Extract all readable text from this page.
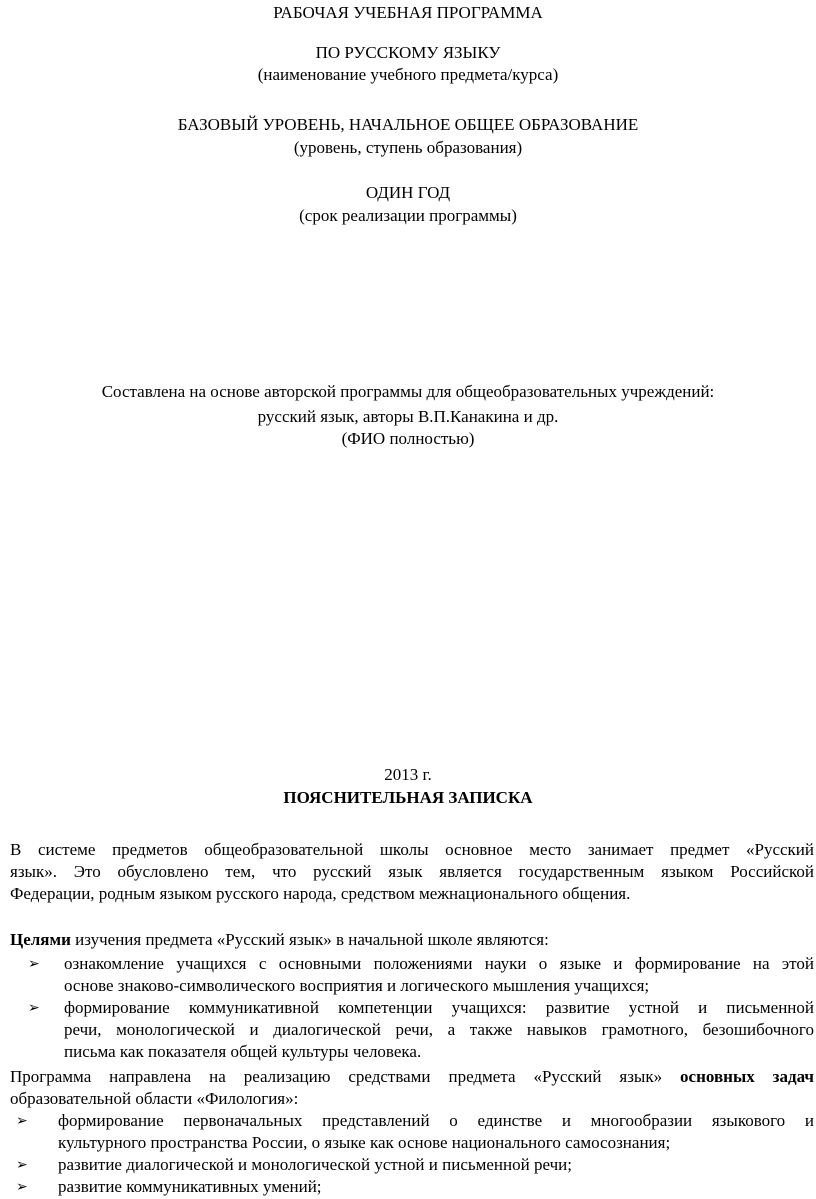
РАБОЧАЯ УЧЕБНАЯ ПРОГРАММА
ПО РУССКОМУ ЯЗЫКУ
(наименование учебного предмета/курса)
БАЗОВЫЙ УРОВЕНЬ, НАЧАЛЬНОЕ ОБЩЕЕ ОБРАЗОВАНИЕ
(уровень, ступень образования)
ОДИН ГОД
(срок реализации программы)
Составлена на основе авторской программы для общеобразовательных учреждений:
русский язык, авторы В.П.Канакина и др.
(ФИО полностью)
2013 г.
ПОЯСНИТЕЛЬНАЯ ЗАПИСКА
В системе предметов общеобразовательной школы основное место занимает предмет «Русский
язык». Это обусловлено тем, что русский язык является государственным языком Российской
Федерации, родным языком русского народа, средством межнационального общения.
Целями изучения предмета «Русский язык» в начальной школе являются:
➢	ознакомление учащихся с основными положениями науки о языке и формирование на этой
основе знаково-символического восприятия и логического мышления учащихся;
➢	формирование коммуникативной компетенции учащихся: развитие устной и письменной
речи, монологической и диалогической речи, а также навыков грамотного, безошибочного
письма как показателя общей культуры человека.
Программа направлена на реализацию средствами предмета «Русский язык» основных задач
образовательной области «Филология»:
➢	формирование первоначальных представлений о единстве и многообразии языкового и
культурного пространства России, о языке как основе национального самосознания;
➢	развитие диалогической и монологической устной и письменной речи;
➢	развитие коммуникативных умений;
